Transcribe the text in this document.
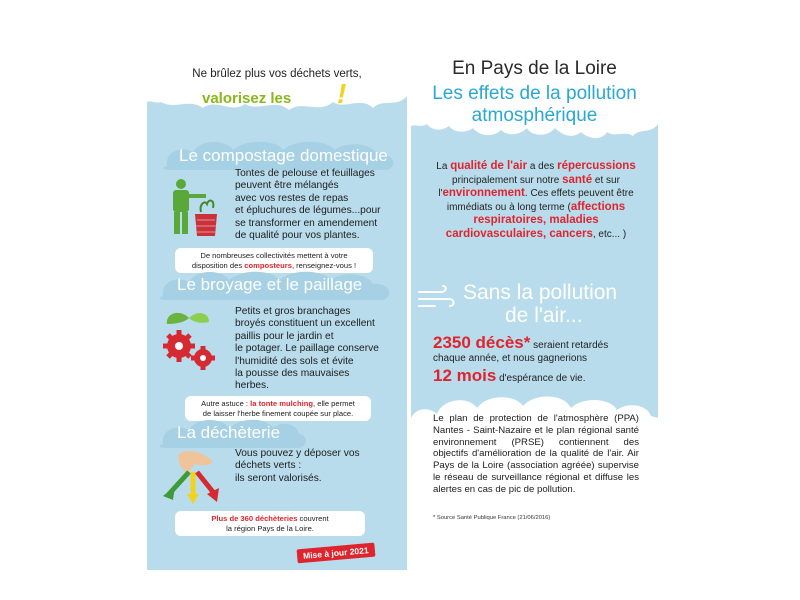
Ne brûlez plus vos déchets verts,
valorisez les !
Le compostage domestique
Tontes de pelouse et feuillages
peuvent être mélangés
avec vos restes de repas
et épluchures de légumes...pour
se transformer en amendement
de qualité pour vos plantes.
De nombreuses collectivités mettent à votre
disposition des composteurs, renseignez-vous !
Le broyage et le paillage
Petits et gros branchages
broyés constituent un excellent
paillis pour le jardin et
le potager. Le paillage conserve
l'humidité des sols et évite
la pousse des mauvaises
herbes.
Autre astuce : la tonte mulching, elle permet
de laisser l'herbe finement coupée sur place.
La déchèterie
Vous pouvez y déposer vos
déchets verts :
ils seront valorisés.
Plus de 360 déchèteries couvrent
la région Pays de la Loire.
Mise à jour 2021
En Pays de la Loire
Les effets de la pollution
atmosphérique
La qualité de l'air a des répercussions principalement sur notre santé et sur l'environnement. Ces effets peuvent être immédiats ou à long terme (affections respiratoires, maladies cardiovasculaires, cancers, etc... )
Sans la pollution
de l'air...
2350 décès* seraient retardés
chaque année, et nous gagnerions
12 mois d'espérance de vie.
Le plan de protection de l'atmosphère (PPA) Nantes - Saint-Nazaire et le plan régional santé environnement (PRSE) contiennent des objectifs d'amélioration de la qualité de l'air. Air Pays de la Loire (association agréée) supervise le réseau de surveillance régional et diffuse les alertes en cas de pic de pollution.
* Source Santé Publique France (21/06/2016)
